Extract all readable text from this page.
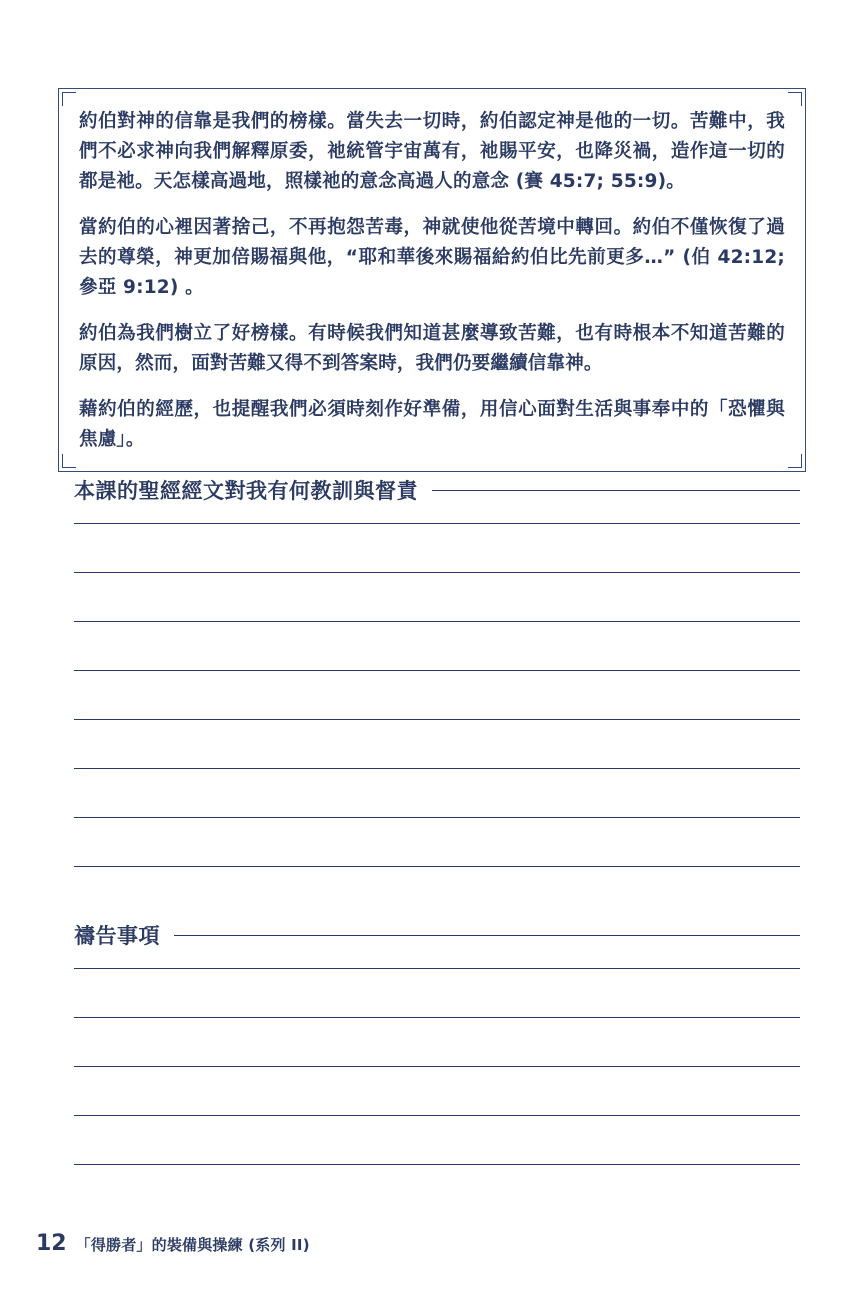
約伯對神的信靠是我們的榜樣。當失去一切時，約伯認定神是他的一切。苦難中，我們不必求神向我們解釋原委，祂統管宇宙萬有，祂賜平安，也降災禍，造作這一切的都是祂。天怎樣高過地，照樣祂的意念高過人的意念 (賽 45:7; 55:9)。

當約伯的心裡因著捨己，不再抱怨苦毒，神就使他從苦境中轉回。約伯不僅恢復了過去的尊榮，神更加倍賜福與他，“耶和華後來賜福給約伯比先前更多…” (伯 42:12; 參亞 9:12) 。

約伯為我們樹立了好榜樣。有時候我們知道甚麼導致苦難，也有時根本不知道苦難的原因，然而，面對苦難又得不到答案時，我們仍要繼續信靠神。

藉約伯的經歷，也提醒我們必須時刻作好準備，用信心面對生活與事奉中的「恐懼與焦慮」。

本課的聖經經文對我有何教訓與督責
禱告事項
12 「得勝者」的裝備與操練 (系列 II)
